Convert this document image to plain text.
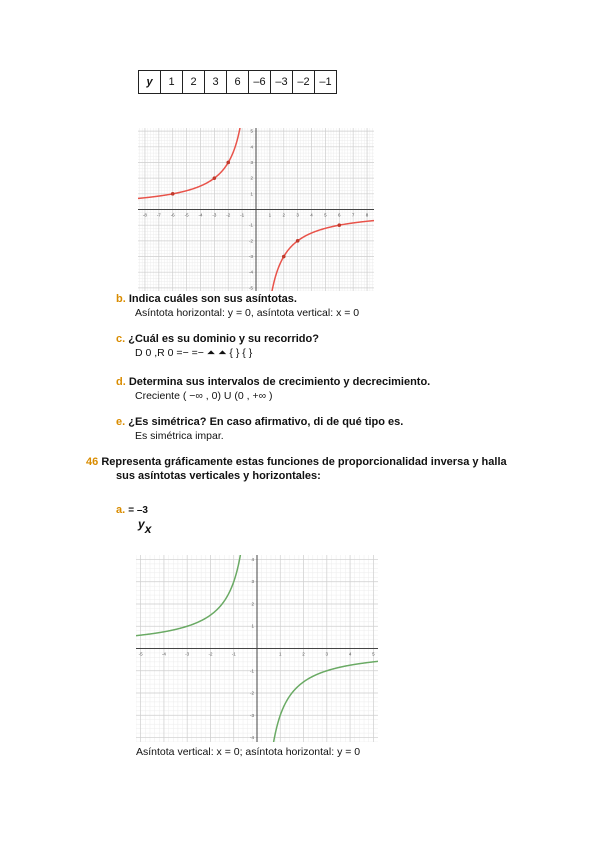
y	1	2	3	6	–6	–3	–2	–1
-8 -7 -6 -5 -4 -3 -2 -1	1	2	3	4	5	6	7	8
5
4
3
2
1
-1
-2
-3
-4
-5
b. Indica cuáles son sus asíntotas.
Asíntota horizontal: y = 0, asíntota vertical: x = 0
c. ¿Cuál es su dominio y su recorrido?
D 0 ,R 0 =− =− ⏶ ⏶ { } { }
d. Determina sus intervalos de crecimiento y decrecimiento.
Creciente ( −∞ , 0) U (0 , +∞ )
e. ¿Es simétrica? En caso afirmativo, di de qué tipo es.
Es simétrica impar.
46 Representa gráficamente estas funciones de proporcionalidad inversa y halla
sus asíntotas verticales y horizontales:
a. = –3
yx
-5	-4	-3	-2	-1	1	2	3	4	5
4
3
2
1
-1
-2
-3
-4
Asíntota vertical: x = 0; asíntota horizontal: y = 0
